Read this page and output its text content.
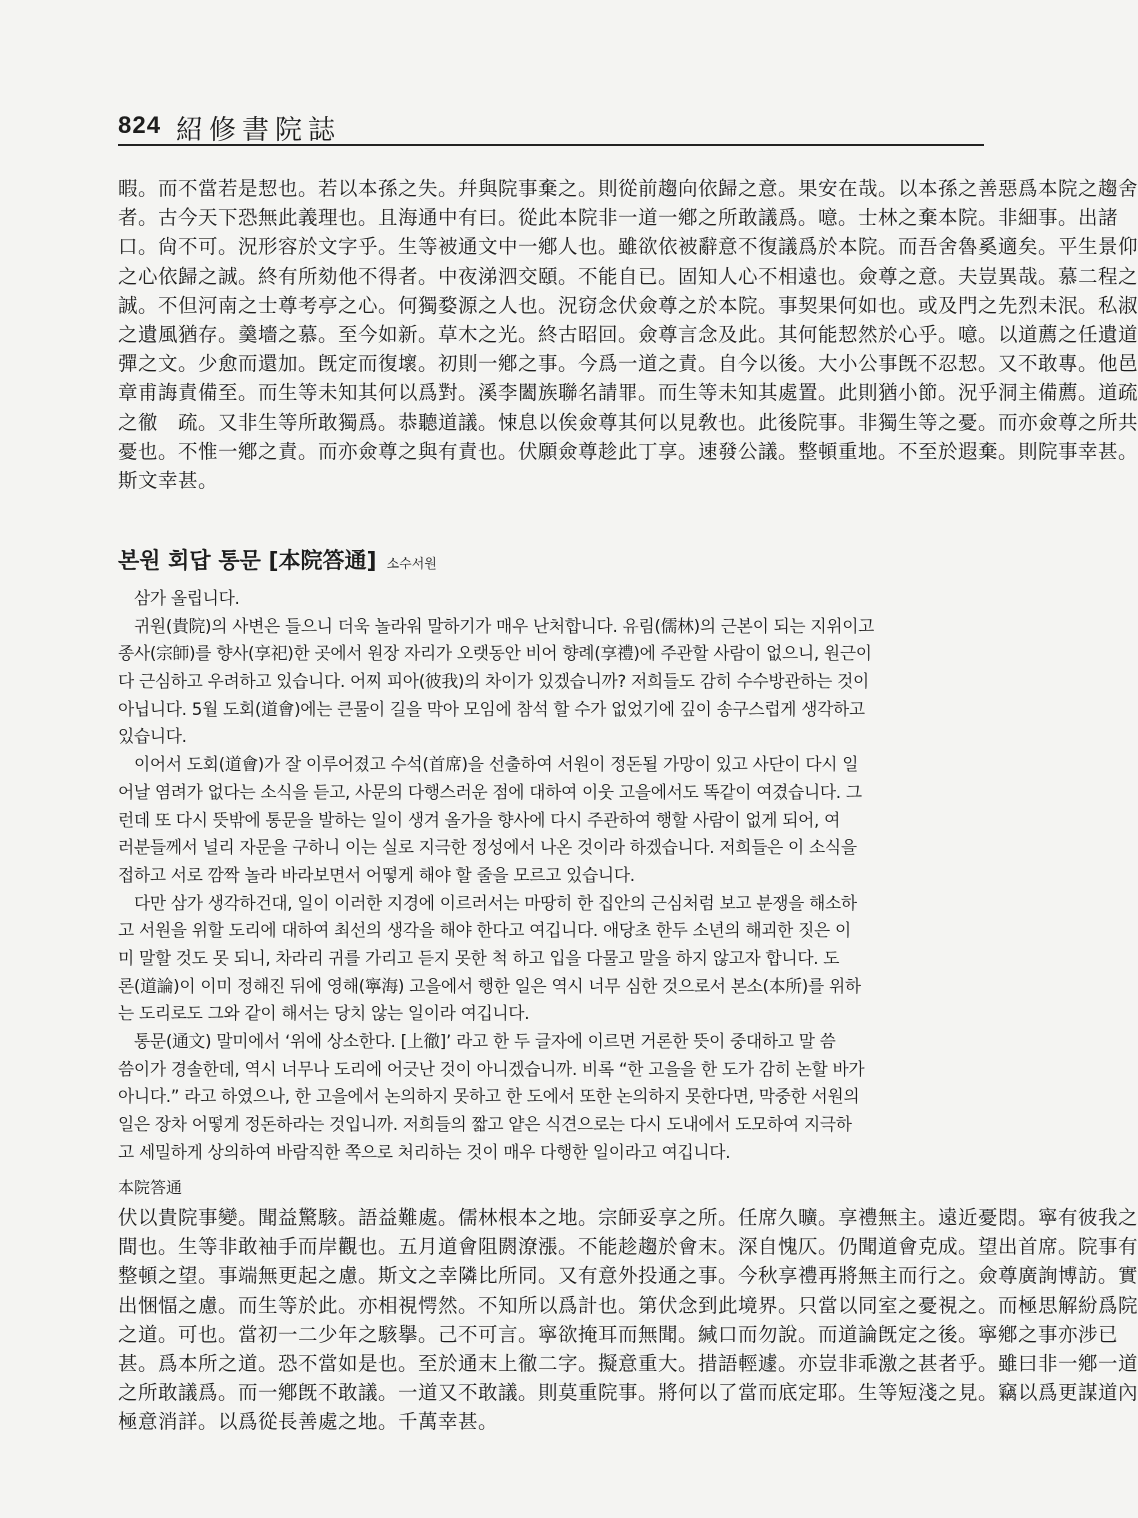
824 紹修書院誌
暇。而不當若是恝也。若以本孫之失。幷與院事棄之。則從前趨向依歸之意。果安在哉。以本孫之善惡爲本院之趨舍
者。古今天下恐無此義理也。且海通中有曰。從此本院非一道一鄕之所敢議爲。噫。士林之棄本院。非細事。出諸
口。尙不可。況形容於文字乎。生等被通文中一鄕人也。雖欲依被辭意不復議爲於本院。而吾舍魯奚適矣。平生景仰
之心依歸之誠。終有所劾他不得者。中夜涕泗交頤。不能自已。固知人心不相遠也。僉尊之意。夫豈異哉。慕二程之
誠。不但河南之士尊考亭之心。何獨婺源之人也。況窃念伏僉尊之於本院。事契果何如也。或及門之先烈未泯。私淑
之遺風猶存。羹墻之慕。至今如新。草木之光。終古昭回。僉尊言念及此。其何能恝然於心乎。噫。以道薦之任遺道
彈之文。少愈而還加。旣定而復壞。初則一鄕之事。今爲一道之責。自今以後。大小公事旣不忍恝。又不敢專。他邑
章甫誨責備至。而生等未知其何以爲對。溪李闔族聯名請罪。而生等未知其處置。此則猶小節。況乎洞主備薦。道疏
之徹　疏。又非生等所敢獨爲。恭聽道議。悚息以俟僉尊其何以見敎也。此後院事。非獨生等之憂。而亦僉尊之所共
憂也。不惟一鄕之責。而亦僉尊之與有責也。伏願僉尊趁此丁享。速發公議。整頓重地。不至於遐棄。則院事幸甚。
斯文幸甚。
본원 회답 통문 [本院答通] 소수서원
삼가 올립니다.
귀원(貴院)의 사변은 들으니 더욱 놀라워 말하기가 매우 난처합니다. 유림(儒林)의 근본이 되는 지위이고
종사(宗師)를 향사(享祀)한 곳에서 원장 자리가 오랫동안 비어 향례(享禮)에 주관할 사람이 없으니, 원근이
다 근심하고 우려하고 있습니다. 어찌 피아(彼我)의 차이가 있겠습니까? 저희들도 감히 수수방관하는 것이
아닙니다. 5월 도회(道會)에는 큰물이 길을 막아 모임에 참석 할 수가 없었기에 깊이 송구스럽게 생각하고
있습니다.
이어서 도회(道會)가 잘 이루어졌고 수석(首席)을 선출하여 서원이 정돈될 가망이 있고 사단이 다시 일
어날 염려가 없다는 소식을 듣고, 사문의 다행스러운 점에 대하여 이웃 고을에서도 똑같이 여겼습니다. 그
런데 또 다시 뜻밖에 통문을 발하는 일이 생겨 올가을 향사에 다시 주관하여 행할 사람이 없게 되어, 여
러분들께서 널리 자문을 구하니 이는 실로 지극한 정성에서 나온 것이라 하겠습니다. 저희들은 이 소식을
접하고 서로 깜짝 놀라 바라보면서 어떻게 해야 할 줄을 모르고 있습니다.
다만 삼가 생각하건대, 일이 이러한 지경에 이르러서는 마땅히 한 집안의 근심처럼 보고 분쟁을 해소하
고 서원을 위할 도리에 대하여 최선의 생각을 해야 한다고 여깁니다. 애당초 한두 소년의 해괴한 짓은 이
미 말할 것도 못 되니, 차라리 귀를 가리고 듣지 못한 척 하고 입을 다물고 말을 하지 않고자 합니다. 도
론(道論)이 이미 정해진 뒤에 영해(寧海) 고을에서 행한 일은 역시 너무 심한 것으로서 본소(本所)를 위하
는 도리로도 그와 같이 해서는 당치 않는 일이라 여깁니다.
통문(通文) 말미에서 ‘위에 상소한다. [上徹]’ 라고 한 두 글자에 이르면 거론한 뜻이 중대하고 말 씀
씀이가 경솔한데, 역시 너무나 도리에 어긋난 것이 아니겠습니까. 비록 “한 고을을 한 도가 감히 논할 바가
아니다.” 라고 하였으나, 한 고을에서 논의하지 못하고 한 도에서 또한 논의하지 못한다면, 막중한 서원의
일은 장차 어떻게 정돈하라는 것입니까. 저희들의 짧고 얕은 식견으로는 다시 도내에서 도모하여 지극하
고 세밀하게 상의하여 바람직한 쪽으로 처리하는 것이 매우 다행한 일이라고 여깁니다.
本院答通
伏以貴院事變。聞益驚駭。語益難處。儒林根本之地。宗師妥享之所。任席久曠。享禮無主。遠近憂悶。寧有彼我之
間也。生等非敢袖手而岸觀也。五月道會阻閼潦漲。不能趁趨於會末。深自愧仄。仍聞道會克成。望出首席。院事有
整頓之望。事端無更起之慮。斯文之幸隣比所同。又有意外投通之事。今秋享禮再將無主而行之。僉尊廣詢博訪。實
出悃愊之慮。而生等於此。亦相視愕然。不知所以爲計也。第伏念到此境界。只當以同室之憂視之。而極思解紛爲院
之道。可也。當初一二少年之駭擧。己不可言。寧欲掩耳而無聞。緘口而勿說。而道論旣定之後。寧鄕之事亦涉已
甚。爲本所之道。恐不當如是也。至於通末上徹二字。擬意重大。措語輕遽。亦豈非乖激之甚者乎。雖曰非一鄕一道
之所敢議爲。而一鄕旣不敢議。一道又不敢議。則莫重院事。將何以了當而底定耶。生等短淺之見。竊以爲更謀道內
極意消詳。以爲從長善處之地。千萬幸甚。
